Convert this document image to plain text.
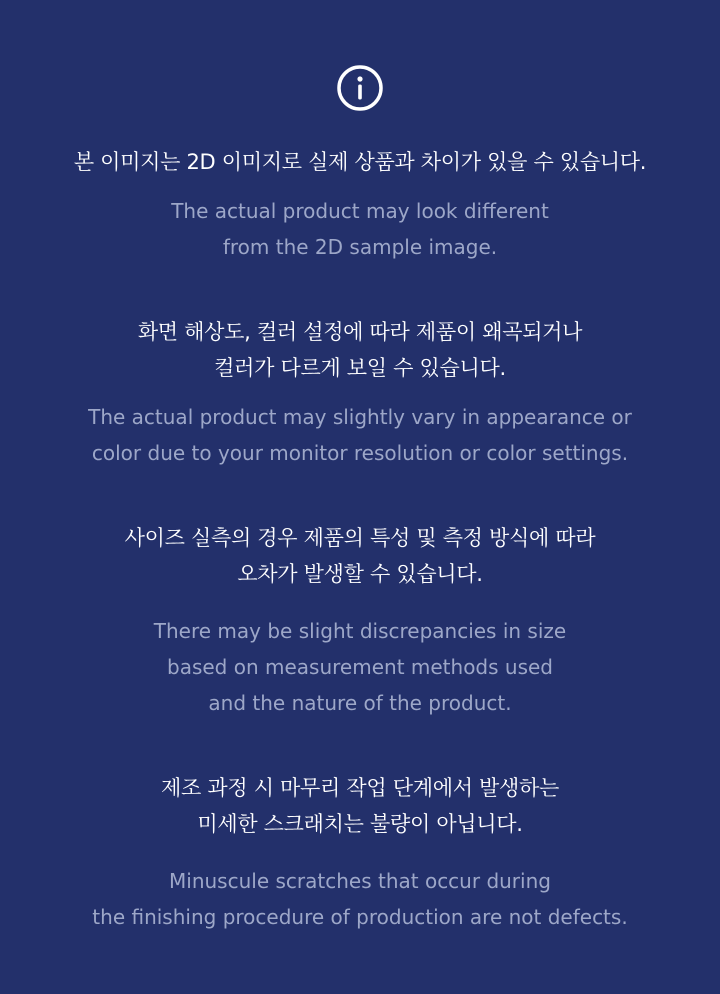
본 이미지는 2D 이미지로 실제 상품과 차이가 있을 수 있습니다.

The actual product may look different
from the 2D sample image.

화면 해상도, 컬러 설정에 따라 제품이 왜곡되거나
컬러가 다르게 보일 수 있습니다.

The actual product may slightly vary in appearance or
color due to your monitor resolution or color settings.

사이즈 실측의 경우 제품의 특성 및 측정 방식에 따라
오차가 발생할 수 있습니다.

There may be slight discrepancies in size
based on measurement methods used
and the nature of the product.

제조 과정 시 마무리 작업 단계에서 발생하는
미세한 스크래치는 불량이 아닙니다.

Minuscule scratches that occur during
the finishing procedure of production are not defects.
